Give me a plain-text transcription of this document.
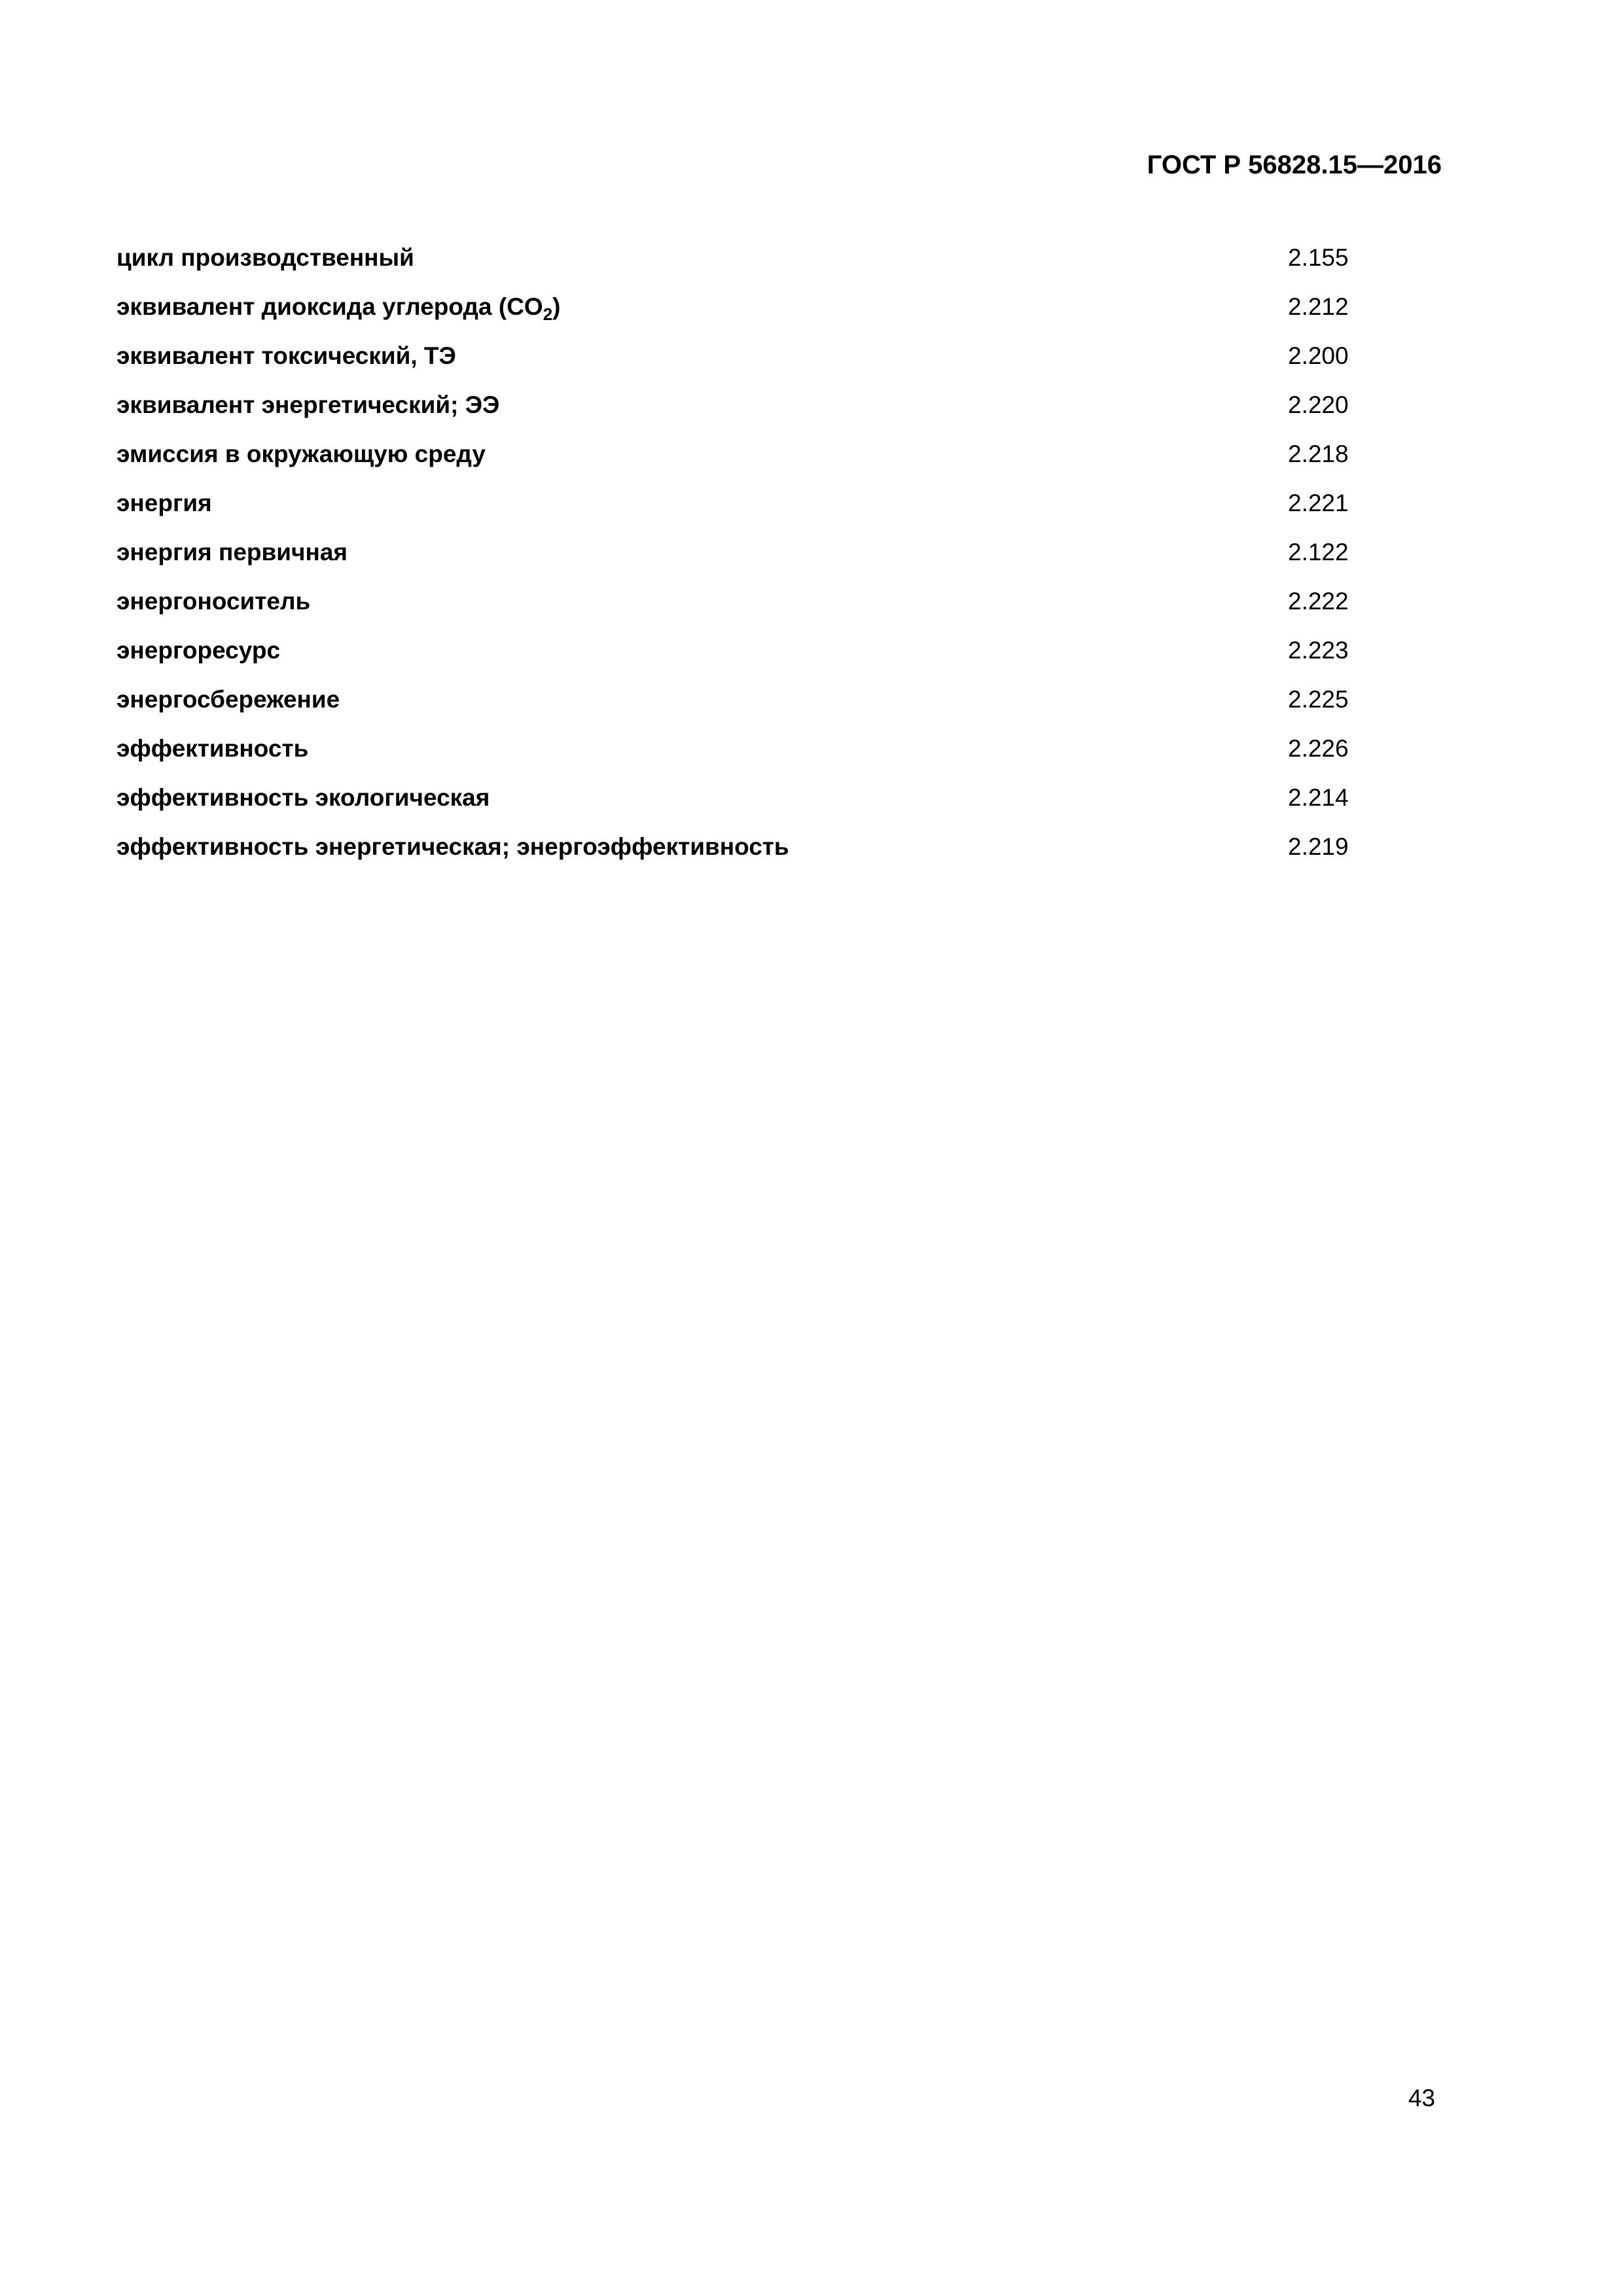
ГОСТ Р 56828.15—2016

цикл производственный	2.155
эквивалент диоксида углерода $(CO_2)$	2.212
эквивалент токсический, ТЭ	2.200
эквивалент энергетический; ЭЭ	2.220
эмиссия в окружающую среду	2.218
энергия	2.221
энергия первичная	2.122
энергоноситель	2.222
энергоресурс	2.223
энергосбережение	2.225
эффективность	2.226
эффективность экологическая	2.214
эффективность энергетическая; энергоэффективность	2.219

43
